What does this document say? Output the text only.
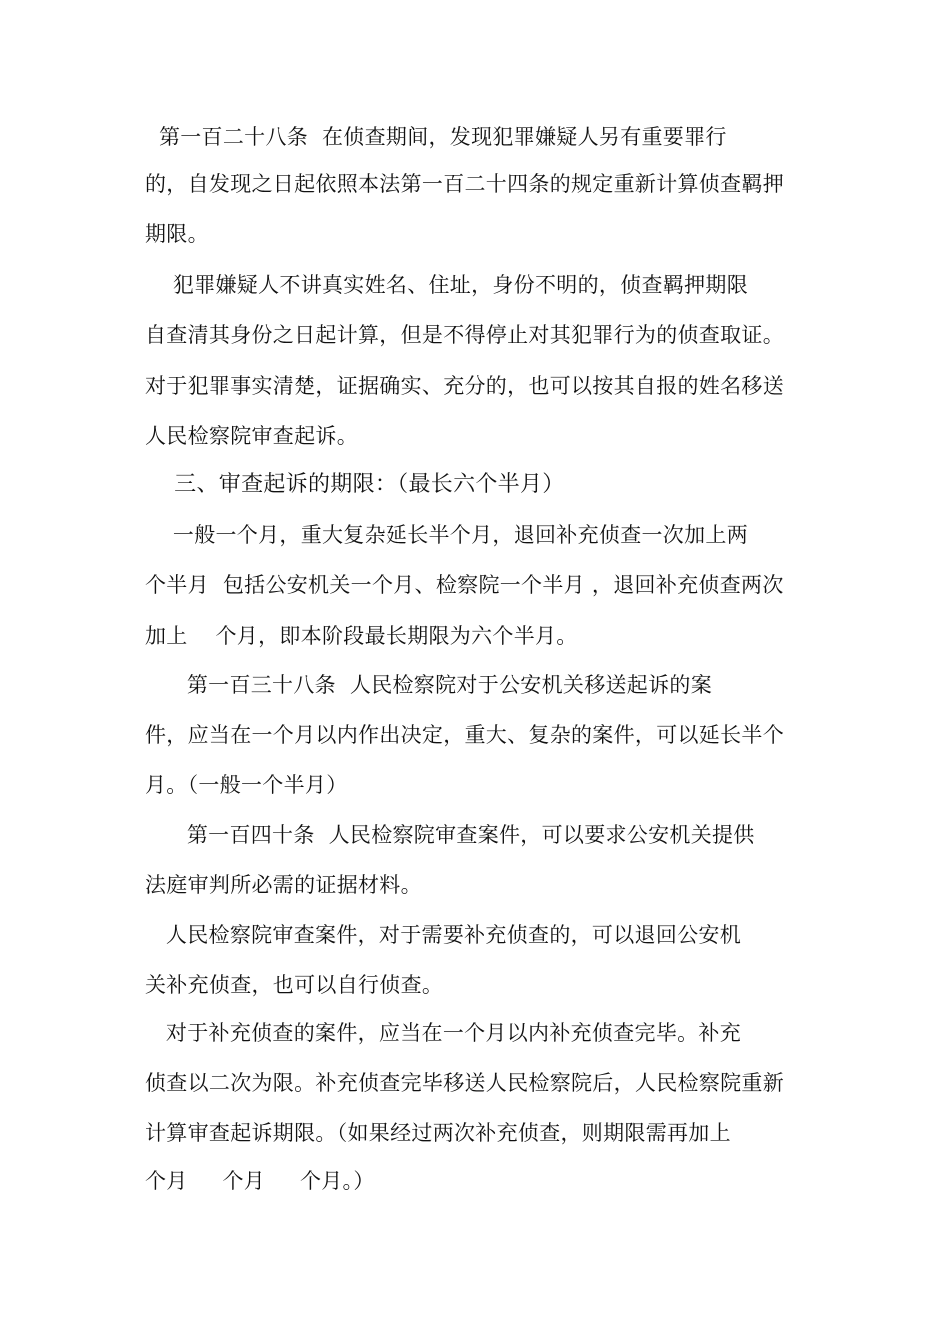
第一百二十八条  在侦查期间，发现犯罪嫌疑人另有重要罪行
的，自发现之日起依照本法第一百二十四条的规定重新计算侦查羁押
期限。
犯罪嫌疑人不讲真实姓名、住址，身份不明的，侦查羁押期限
自查清其身份之日起计算，但是不得停止对其犯罪行为的侦查取证。
对于犯罪事实清楚，证据确实、充分的，也可以按其自报的姓名移送
人民检察院审查起诉。
三、审查起诉的期限：（最长六个半月）
一般一个月，重大复杂延长半个月，退回补充侦查一次加上两
个半月  包括公安机关一个月、检察院一个半月 ，退回补充侦查两次
加上    个月，即本阶段最长期限为六个半月。
第一百三十八条  人民检察院对于公安机关移送起诉的案
件，应当在一个月以内作出决定，重大、复杂的案件，可以延长半个
月。（一般一个半月）
第一百四十条  人民检察院审查案件，可以要求公安机关提供
法庭审判所必需的证据材料。
人民检察院审查案件，对于需要补充侦查的，可以退回公安机
关补充侦查，也可以自行侦查。
对于补充侦查的案件，应当在一个月以内补充侦查完毕。补充
侦查以二次为限。补充侦查完毕移送人民检察院后，人民检察院重新
计算审查起诉期限。（如果经过两次补充侦查，则期限需再加上
个月     个月     个月。）
